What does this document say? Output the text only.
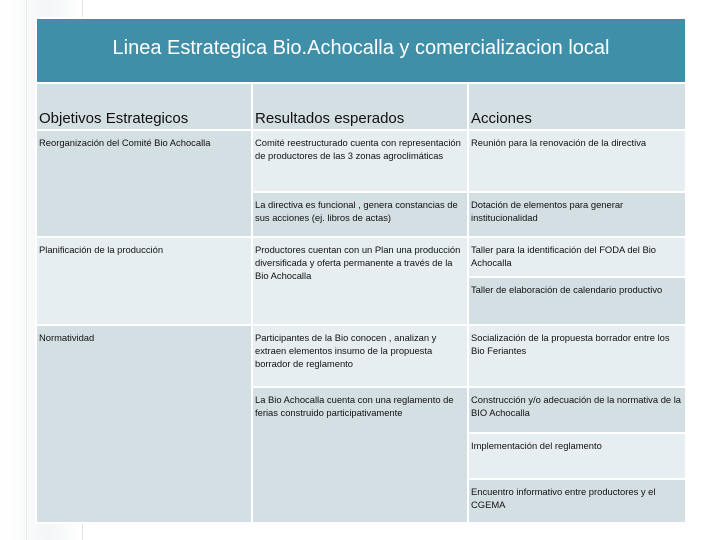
Linea Estrategica Bio.Achocalla y comercializacion local		
Objetivos Estrategicos	Resultados esperados	Acciones
Reorganización del Comité Bio Achocalla	Comité reestructurado cuenta con representación de productores de las 3 zonas agroclimáticas	Reunión para la renovación de la directiva
	La directiva es funcional , genera constancias de sus acciones (ej. libros de actas)	Dotación de elementos para generar institucionalidad
Planificación de la producción	Productores cuentan con un Plan una producción diversificada y oferta permanente a través de la Bio Achocalla	Taller para la identificación del FODA del Bio Achocalla
		Taller de elaboración de calendario productivo
Normatividad	Participantes de la Bio conocen , analizan y extraen elementos insumo de la propuesta borrador de reglamento	Socialización de la propuesta borrador entre los Bio Feriantes
	La Bio Achocalla cuenta con una reglamento de ferias construido participativamente	Construcción y/o adecuación de la normativa de la BIO Achocalla
		Implementación del reglamento
		Encuentro informativo entre productores y el CGEMA
